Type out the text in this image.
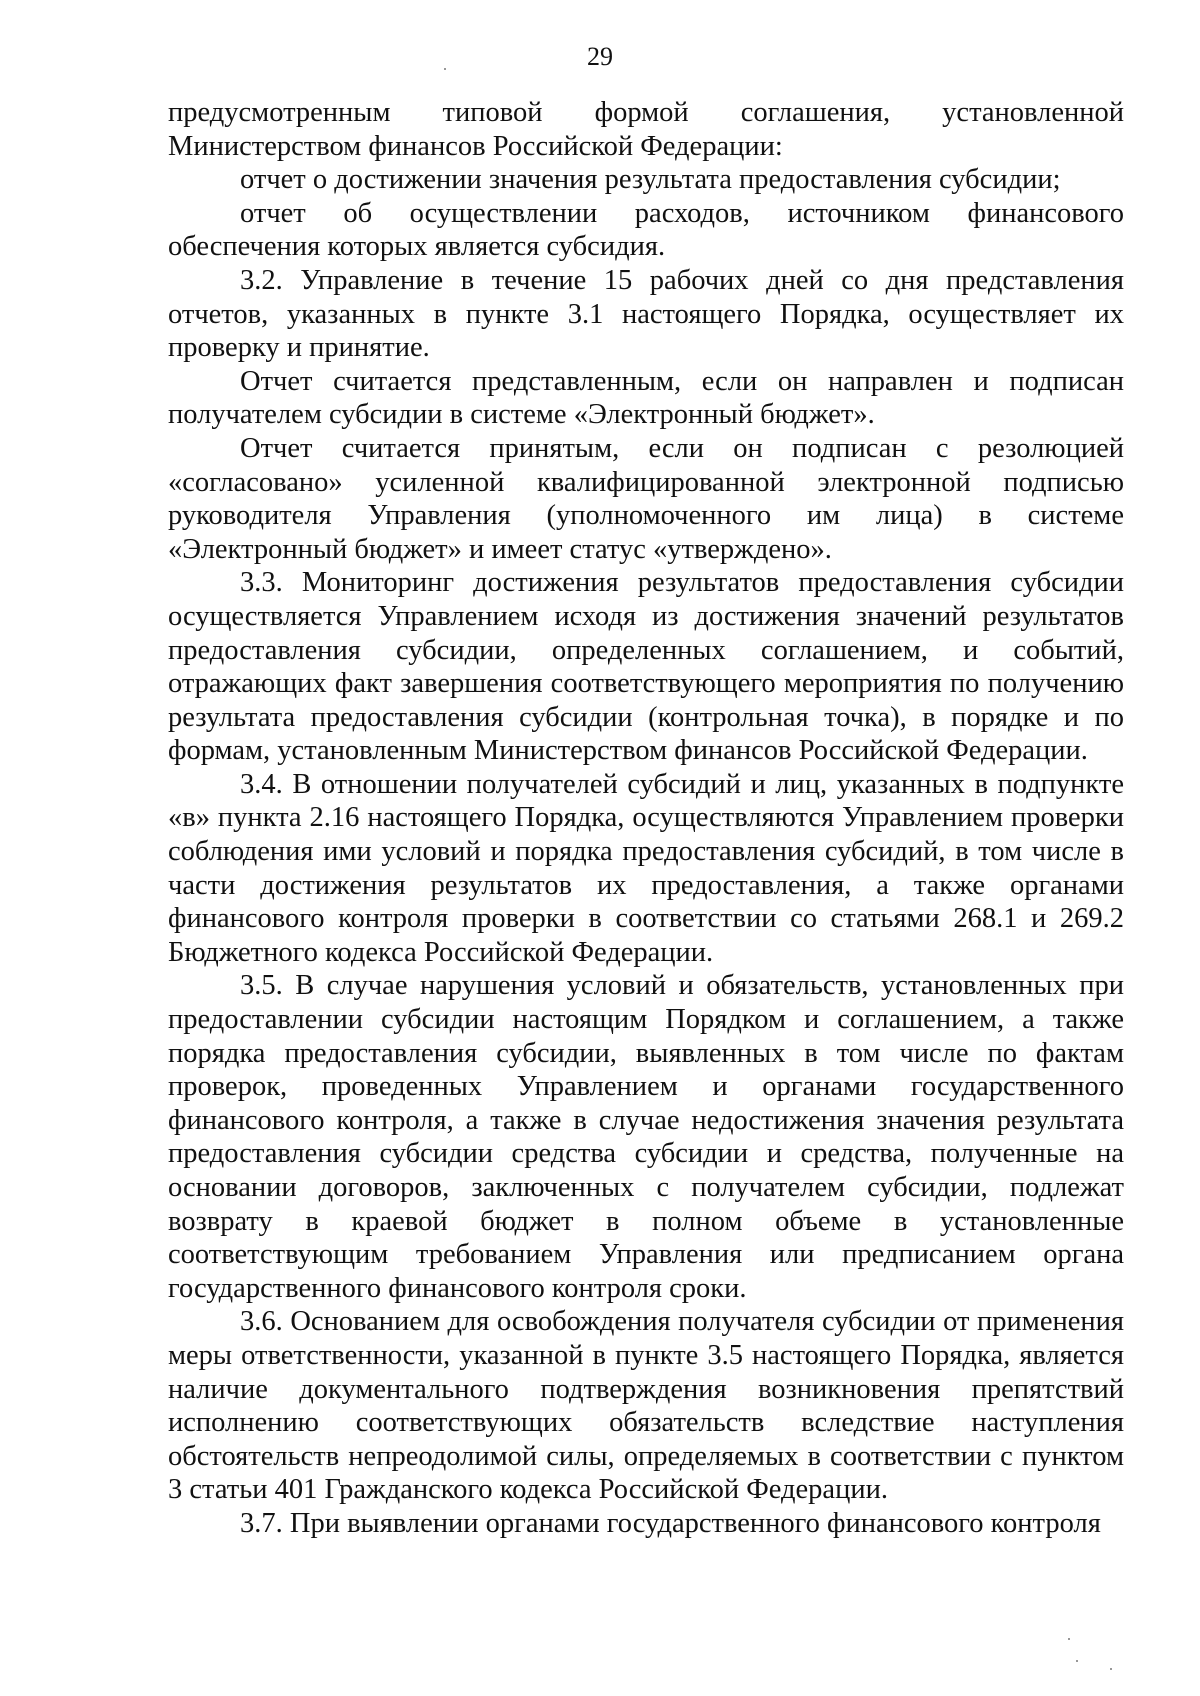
29

предусмотренным типовой формой соглашения, установленной Министерством финансов Российской Федерации:

отчет о достижении значения результата предоставления субсидии;

отчет об осуществлении расходов, источником финансового обеспечения которых является субсидия.

3.2. Управление в течение 15 рабочих дней со дня представления отчетов, указанных в пункте 3.1 настоящего Порядка, осуществляет их проверку и принятие.

Отчет считается представленным, если он направлен и подписан получателем субсидии в системе «Электронный бюджет».

Отчет считается принятым, если он подписан с резолюцией «согласовано» усиленной квалифицированной электронной подписью руководителя Управления (уполномоченного им лица) в системе «Электронный бюджет» и имеет статус «утверждено».

3.3. Мониторинг достижения результатов предоставления субсидии осуществляется Управлением исходя из достижения значений результатов предоставления субсидии, определенных соглашением, и событий, отражающих факт завершения соответствующего мероприятия по получению результата предоставления субсидии (контрольная точка), в порядке и по формам, установленным Министерством финансов Российской Федерации.

3.4. В отношении получателей субсидий и лиц, указанных в подпункте «в» пункта 2.16 настоящего Порядка, осуществляются Управлением проверки соблюдения ими условий и порядка предоставления субсидий, в том числе в части достижения результатов их предоставления, а также органами финансового контроля проверки в соответствии со статьями 268.1 и 269.2 Бюджетного кодекса Российской Федерации.

3.5. В случае нарушения условий и обязательств, установленных при предоставлении субсидии настоящим Порядком и соглашением, а также порядка предоставления субсидии, выявленных в том числе по фактам проверок, проведенных Управлением и органами государственного финансового контроля, а также в случае недостижения значения результата предоставления субсидии средства субсидии и средства, полученные на основании договоров, заключенных с получателем субсидии, подлежат возврату в краевой бюджет в полном объеме в установленные соответствующим требованием Управления или предписанием органа государственного финансового контроля сроки.

3.6. Основанием для освобождения получателя субсидии от применения меры ответственности, указанной в пункте 3.5 настоящего Порядка, является наличие документального подтверждения возникновения препятствий исполнению соответствующих обязательств вследствие наступления обстоятельств непреодолимой силы, определяемых в соответствии с пунктом 3 статьи 401 Гражданского кодекса Российской Федерации.

3.7. При выявлении органами государственного финансового контроля
